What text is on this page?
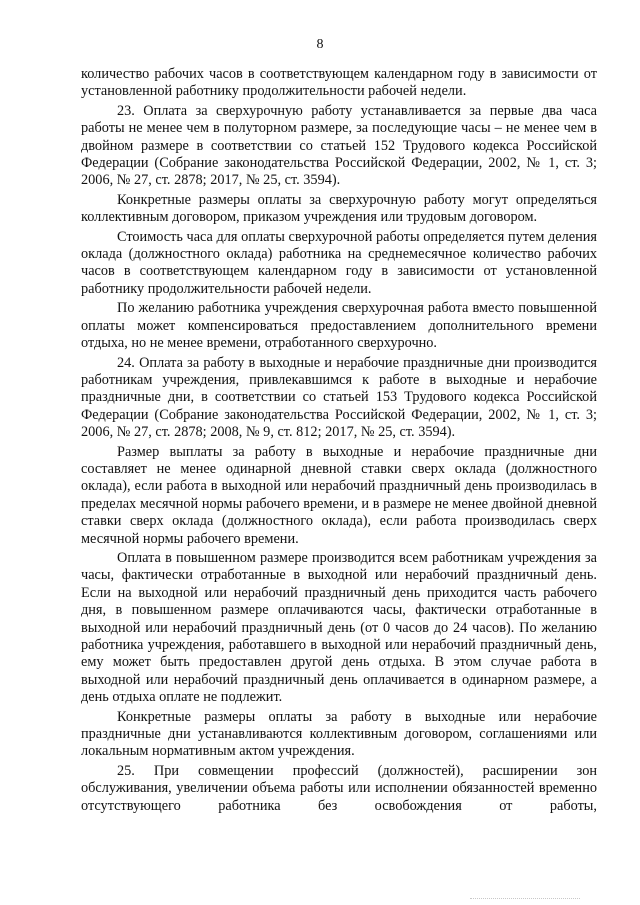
8

количество рабочих часов в соответствующем календарном году в зависимости от установленной работнику продолжительности рабочей недели.

23. Оплата за сверхурочную работу устанавливается за первые два часа работы не менее чем в полуторном размере, за последующие часы – не менее чем в двойном размере в соответствии со статьей 152 Трудового кодекса Российской Федерации (Собрание законодательства Российской Федерации, 2002, № 1, ст. 3; 2006, № 27, ст. 2878; 2017, № 25, ст. 3594).

Конкретные размеры оплаты за сверхурочную работу могут определяться коллективным договором, приказом учреждения или трудовым договором.

Стоимость часа для оплаты сверхурочной работы определяется путем деления оклада (должностного оклада) работника на среднемесячное количество рабочих часов в соответствующем календарном году в зависимости от установленной работнику продолжительности рабочей недели.

По желанию работника учреждения сверхурочная работа вместо повышенной оплаты может компенсироваться предоставлением дополнительного времени отдыха, но не менее времени, отработанного сверхурочно.

24. Оплата за работу в выходные и нерабочие праздничные дни производится работникам учреждения, привлекавшимся к работе в выходные и нерабочие праздничные дни, в соответствии со статьей 153 Трудового кодекса Российской Федерации (Собрание законодательства Российской Федерации, 2002, № 1, ст. 3; 2006, № 27, ст. 2878; 2008, № 9, ст. 812; 2017, № 25, ст. 3594).

Размер выплаты за работу в выходные и нерабочие праздничные дни составляет не менее одинарной дневной ставки сверх оклада (должностного оклада), если работа в выходной или нерабочий праздничный день производилась в пределах месячной нормы рабочего времени, и в размере не менее двойной дневной ставки сверх оклада (должностного оклада), если работа производилась сверх месячной нормы рабочего времени.

Оплата в повышенном размере производится всем работникам учреждения за часы, фактически отработанные в выходной или нерабочий праздничный день. Если на выходной или нерабочий праздничный день приходится часть рабочего дня, в повышенном размере оплачиваются часы, фактически отработанные в выходной или нерабочий праздничный день (от 0 часов до 24 часов). По желанию работника учреждения, работавшего в выходной или нерабочий праздничный день, ему может быть предоставлен другой день отдыха. В этом случае работа в выходной или нерабочий праздничный день оплачивается в одинарном размере, а день отдыха оплате не подлежит.

Конкретные размеры оплаты за работу в выходные или нерабочие праздничные дни устанавливаются коллективным договором, соглашениями или локальным нормативным актом учреждения.

25. При совмещении профессий (должностей), расширении зон обслуживания, увеличении объема работы или исполнении обязанностей временно отсутствующего работника без освобождения от работы,
